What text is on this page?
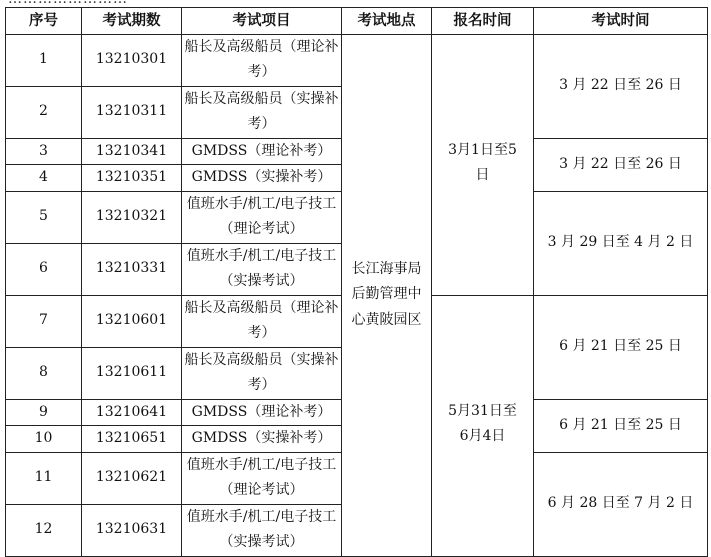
序号	考试期数	考试项目	考试地点	报名时间	考试时间
1	13210301	船长及高级船员（理论补考）	长江海事局后勤管理中心黄陂园区	3月1日至5日	3 月 22 日至 26 日
2	13210311	船长及高级船员（实操补考）			

3	13210341	GMDSS（理论补考）			3 月 22 日至 26 日
4	13210351	GMDSS（实操补考）			

5	13210321	值班水手/机工/电子技工（理论考试）			3 月 29 日至 4 月 2 日
6	13210331	值班水手/机工/电子技工（实操考试）			

7	13210601	船长及高级船员（理论补考）		5月31日至6月4日	6 月 21 日至 25 日
8	13210611	船长及高级船员（实操补考）			

9	13210641	GMDSS（理论补考）			6 月 21 日至 25 日
10	13210651	GMDSS（实操补考）			

11	13210621	值班水手/机工/电子技工（理论考试）			6 月 28 日至 7 月 2 日
12	13210631	值班水手/机工/电子技工（实操考试）			
